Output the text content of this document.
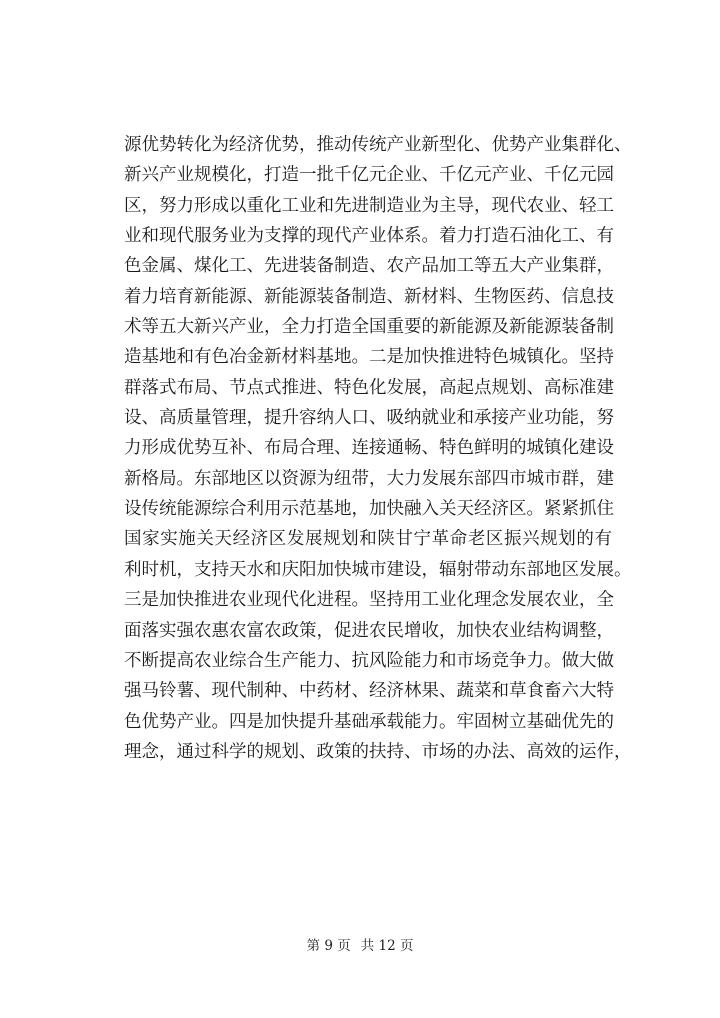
源优势转化为经济优势，推动传统产业新型化、优势产业集群化、
新兴产业规模化，打造一批千亿元企业、千亿元产业、千亿元园
区，努力形成以重化工业和先进制造业为主导，现代农业、轻工
业和现代服务业为支撑的现代产业体系。着力打造石油化工、有
色金属、煤化工、先进装备制造、农产品加工等五大产业集群，
着力培育新能源、新能源装备制造、新材料、生物医药、信息技
术等五大新兴产业，全力打造全国重要的新能源及新能源装备制
造基地和有色冶金新材料基地。二是加快推进特色城镇化。坚持
群落式布局、节点式推进、特色化发展，高起点规划、高标准建
设、高质量管理，提升容纳人口、吸纳就业和承接产业功能，努
力形成优势互补、布局合理、连接通畅、特色鲜明的城镇化建设
新格局。东部地区以资源为纽带，大力发展东部四市城市群，建
设传统能源综合利用示范基地，加快融入关天经济区。紧紧抓住
国家实施关天经济区发展规划和陕甘宁革命老区振兴规划的有
利时机，支持天水和庆阳加快城市建设，辐射带动东部地区发展。
三是加快推进农业现代化进程。坚持用工业化理念发展农业，全
面落实强农惠农富农政策，促进农民增收，加快农业结构调整，
不断提高农业综合生产能力、抗风险能力和市场竞争力。做大做
强马铃薯、现代制种、中药材、经济林果、蔬菜和草食畜六大特
色优势产业。四是加快提升基础承载能力。牢固树立基础优先的
理念，通过科学的规划、政策的扶持、市场的办法、高效的运作，
第 9 页 共 12 页
